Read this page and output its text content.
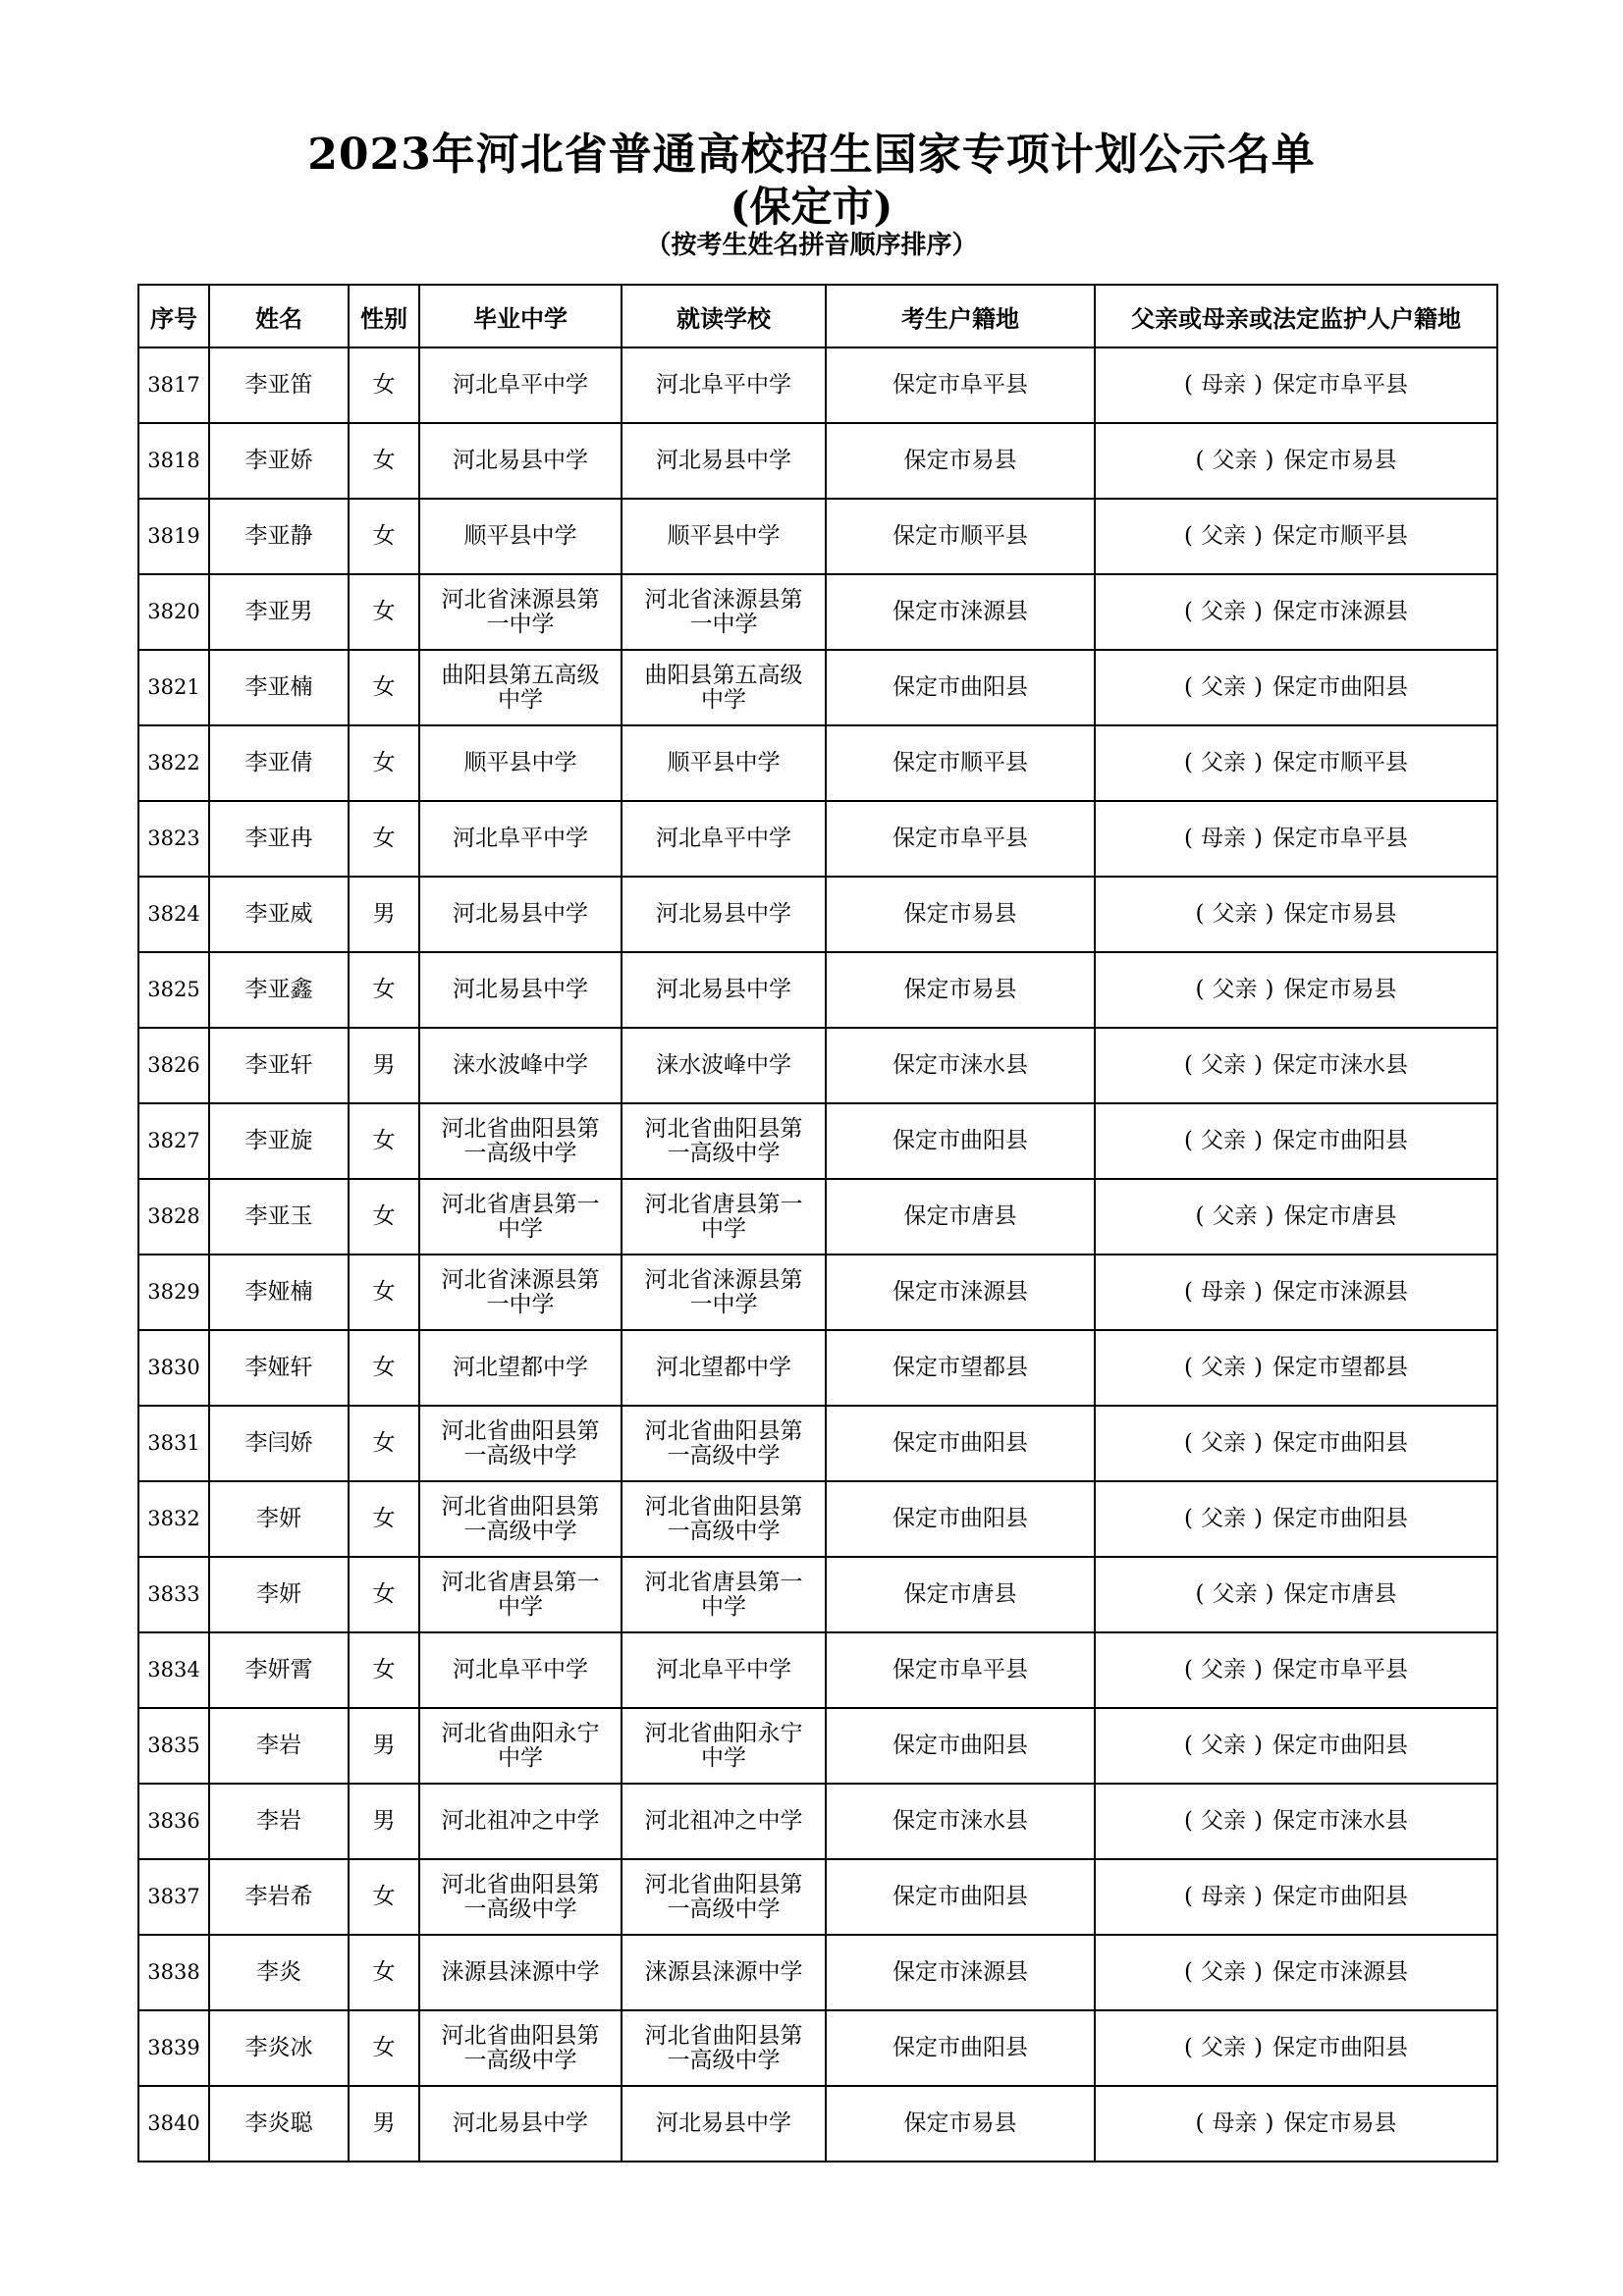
2023年河北省普通高校招生国家专项计划公示名单
(保定市)
（按考生姓名拼音顺序排序）
序号	姓名	性别	毕业中学	就读学校	考生户籍地	父亲或母亲或法定监护人户籍地
3817	李亚笛	女	河北阜平中学	河北阜平中学	保定市阜平县	( 母亲 ) 保定市阜平县
3818	李亚娇	女	河北易县中学	河北易县中学	保定市易县	( 父亲 ) 保定市易县
3819	李亚静	女	顺平县中学	顺平县中学	保定市顺平县	( 父亲 ) 保定市顺平县
3820	李亚男	女	河北省涞源县第一中学	河北省涞源县第一中学	保定市涞源县	( 父亲 ) 保定市涞源县
3821	李亚楠	女	曲阳县第五高级中学	曲阳县第五高级中学	保定市曲阳县	( 父亲 ) 保定市曲阳县
3822	李亚倩	女	顺平县中学	顺平县中学	保定市顺平县	( 父亲 ) 保定市顺平县
3823	李亚冉	女	河北阜平中学	河北阜平中学	保定市阜平县	( 母亲 ) 保定市阜平县
3824	李亚威	男	河北易县中学	河北易县中学	保定市易县	( 父亲 ) 保定市易县
3825	李亚鑫	女	河北易县中学	河北易县中学	保定市易县	( 父亲 ) 保定市易县
3826	李亚轩	男	涞水波峰中学	涞水波峰中学	保定市涞水县	( 父亲 ) 保定市涞水县
3827	李亚旋	女	河北省曲阳县第一高级中学	河北省曲阳县第一高级中学	保定市曲阳县	( 父亲 ) 保定市曲阳县
3828	李亚玉	女	河北省唐县第一中学	河北省唐县第一中学	保定市唐县	( 父亲 ) 保定市唐县
3829	李娅楠	女	河北省涞源县第一中学	河北省涞源县第一中学	保定市涞源县	( 母亲 ) 保定市涞源县
3830	李娅轩	女	河北望都中学	河北望都中学	保定市望都县	( 父亲 ) 保定市望都县
3831	李闫娇	女	河北省曲阳县第一高级中学	河北省曲阳县第一高级中学	保定市曲阳县	( 父亲 ) 保定市曲阳县
3832	李妍	女	河北省曲阳县第一高级中学	河北省曲阳县第一高级中学	保定市曲阳县	( 父亲 ) 保定市曲阳县
3833	李妍	女	河北省唐县第一中学	河北省唐县第一中学	保定市唐县	( 父亲 ) 保定市唐县
3834	李妍霄	女	河北阜平中学	河北阜平中学	保定市阜平县	( 父亲 ) 保定市阜平县
3835	李岩	男	河北省曲阳永宁中学	河北省曲阳永宁中学	保定市曲阳县	( 父亲 ) 保定市曲阳县
3836	李岩	男	河北祖冲之中学	河北祖冲之中学	保定市涞水县	( 父亲 ) 保定市涞水县
3837	李岩希	女	河北省曲阳县第一高级中学	河北省曲阳县第一高级中学	保定市曲阳县	( 母亲 ) 保定市曲阳县
3838	李炎	女	涞源县涞源中学	涞源县涞源中学	保定市涞源县	( 父亲 ) 保定市涞源县
3839	李炎冰	女	河北省曲阳县第一高级中学	河北省曲阳县第一高级中学	保定市曲阳县	( 父亲 ) 保定市曲阳县
3840	李炎聪	男	河北易县中学	河北易县中学	保定市易县	( 母亲 ) 保定市易县
